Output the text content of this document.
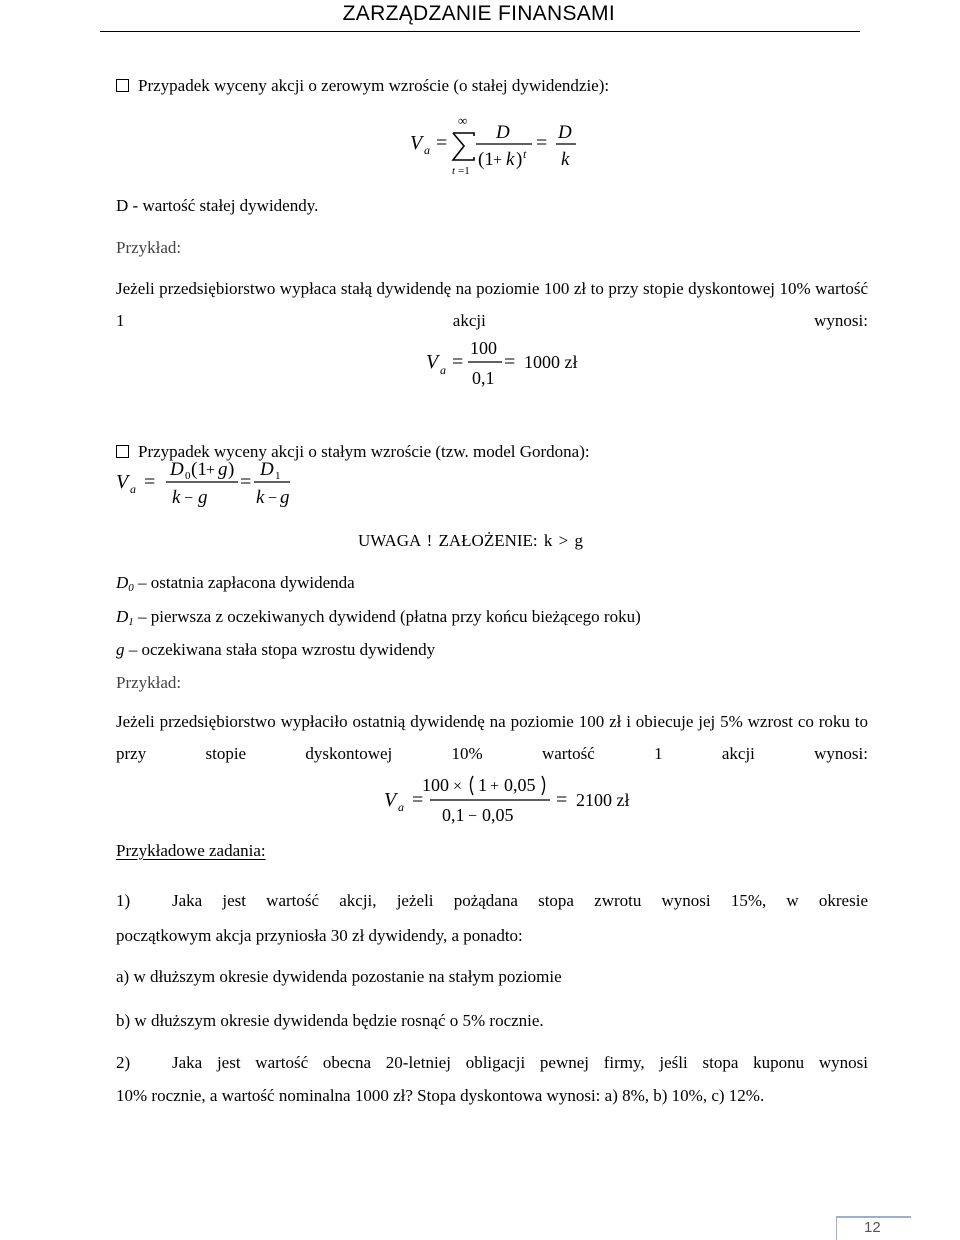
ZARZĄDZANIE FINANSAMI
Przypadek wyceny akcji o zerowym wzroście (o stałej dywidendzie):
V a =
∞
t =1
D
(1 + k ) t = D
k
D - wartość stałej dywidendy.
Przykład:
Jeżeli przedsiębiorstwo wypłaca stałą dywidendę na poziomie 100 zł to przy stopie dyskontowej 10% wartość 1 akcji wynosi:
V a =
100
0,1
= 1000 zł
Przypadek wyceny akcji o stałym wzroście (tzw. model Gordona):
V a =
D 0 (1 + g )
k − g
=
D 1
k − g
UWAGA ! ZAŁOŻENIE: k > g
$D_0$ – ostatnia zapłacona dywidenda
$D_1$ – pierwsza z oczekiwanych dywidend (płatna przy końcu bieżącego roku)
g – oczekiwana stała stopa wzrostu dywidendy
Przykład:
Jeżeli przedsiębiorstwo wypłaciło ostatnią dywidendę na poziomie 100 zł i obiecuje jej 5% wzrost co roku to przy stopie dyskontowej 10% wartość 1 akcji wynosi:
V a =
100 × 1 + 0,05
0,1 − 0,05
= 2100 zł
Przykładowe zadania:
1) Jaka jest wartość akcji, jeżeli pożądana stopa zwrotu wynosi 15%, w okresie
początkowym akcja przyniosła 30 zł dywidendy, a ponadto:
a) w dłuższym okresie dywidenda pozostanie na stałym poziomie
b) w dłuższym okresie dywidenda będzie rosnąć o 5% rocznie.
2) Jaka jest wartość obecna 20-letniej obligacji pewnej firmy, jeśli stopa kuponu wynosi
10% rocznie, a wartość nominalna 1000 zł? Stopa dyskontowa wynosi: a) 8%, b) 10%, c) 12%.
12
